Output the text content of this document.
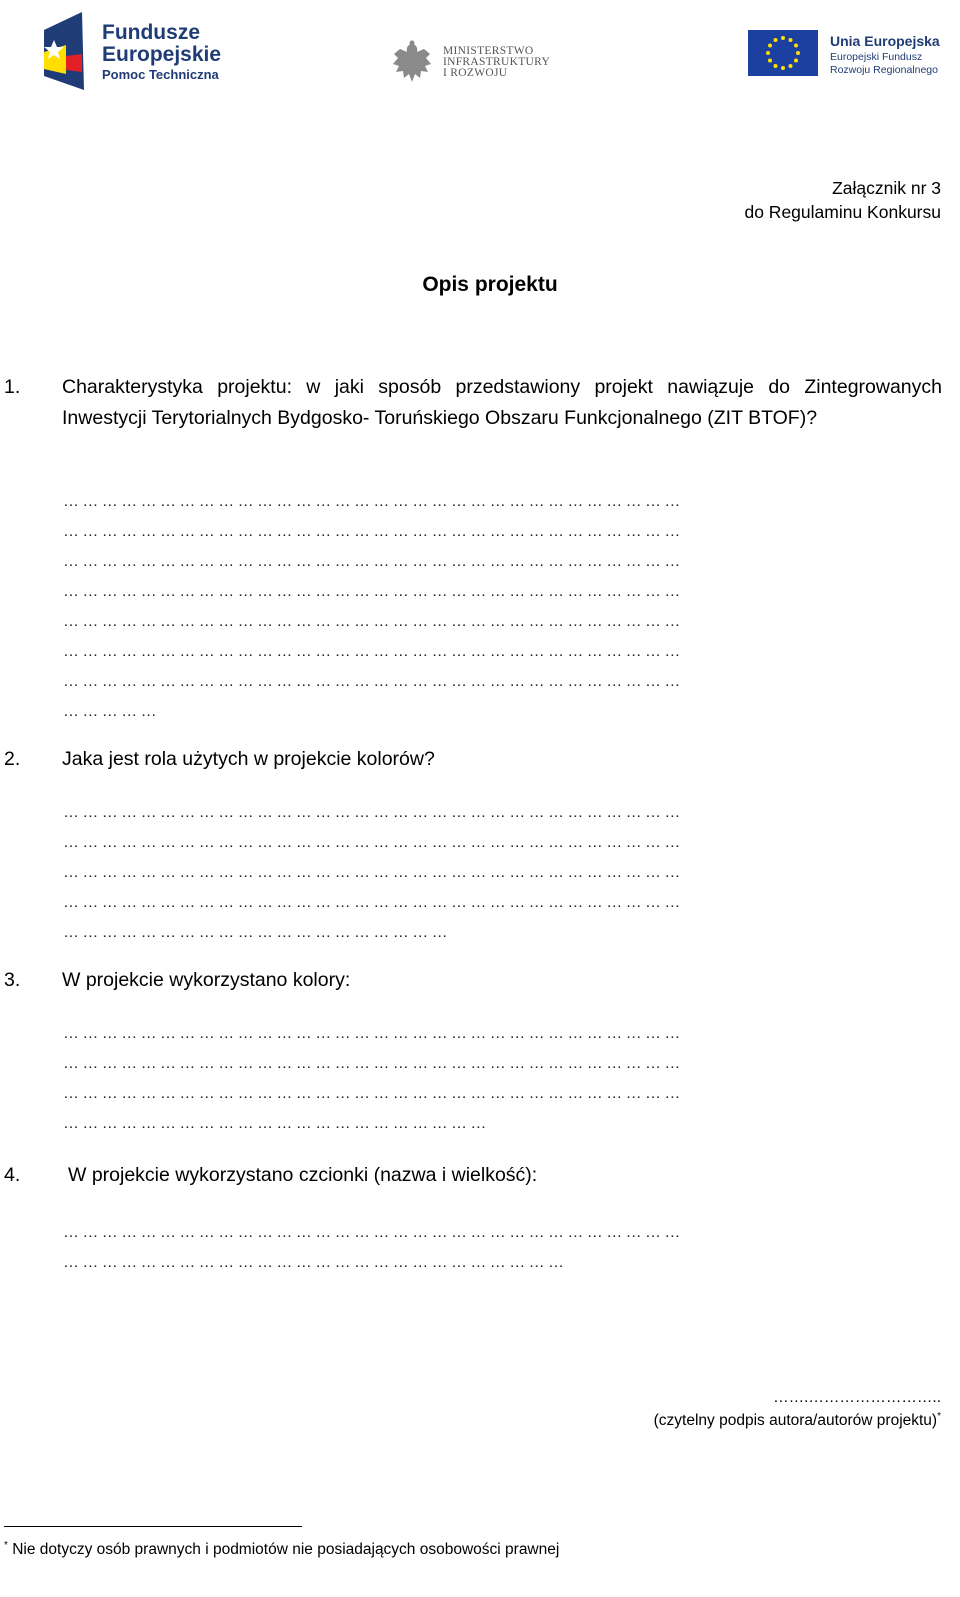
Fundusze
Europejskie
Pomoc Techniczna
MINISTERSTWO
INFRASTRUKTURY
I ROZWOJU
Unia Europejska
Europejski Fundusz
Rozwoju Regionalnego
Załącznik nr 3
do Regulaminu Konkursu
Opis projektu
1. Charakterystyka projektu: w jaki sposób przedstawiony projekt nawiązuje do Zintegrowanych Inwestycji Terytorialnych Bydgosko- Toruńskiego Obszaru Funkcjonalnego (ZIT BTOF)?
……………………………………………………………………………………
……………………………………………………………………………………
……………………………………………………………………………………
……………………………………………………………………………………
……………………………………………………………………………………
……………………………………………………………………………………
……………………………………………………………………………………
……………
2. Jaka jest rola użytych w projekcie kolorów?
……………………………………………………………………………………
……………………………………………………………………………………
……………………………………………………………………………………
……………………………………………………………………………………
……………………………………………………
3. W projekcie wykorzystano kolory:
……………………………………………………………………………………
……………………………………………………………………………………
……………………………………………………………………………………
…………………………………………………………
4. W projekcie wykorzystano czcionki (nazwa i wielkość):
……………………………………………………………………………………
……………………………………………………………………
…….……………………..
(czytelny podpis autora/autorów projektu)*
* Nie dotyczy osób prawnych i podmiotów nie posiadających osobowości prawnej
